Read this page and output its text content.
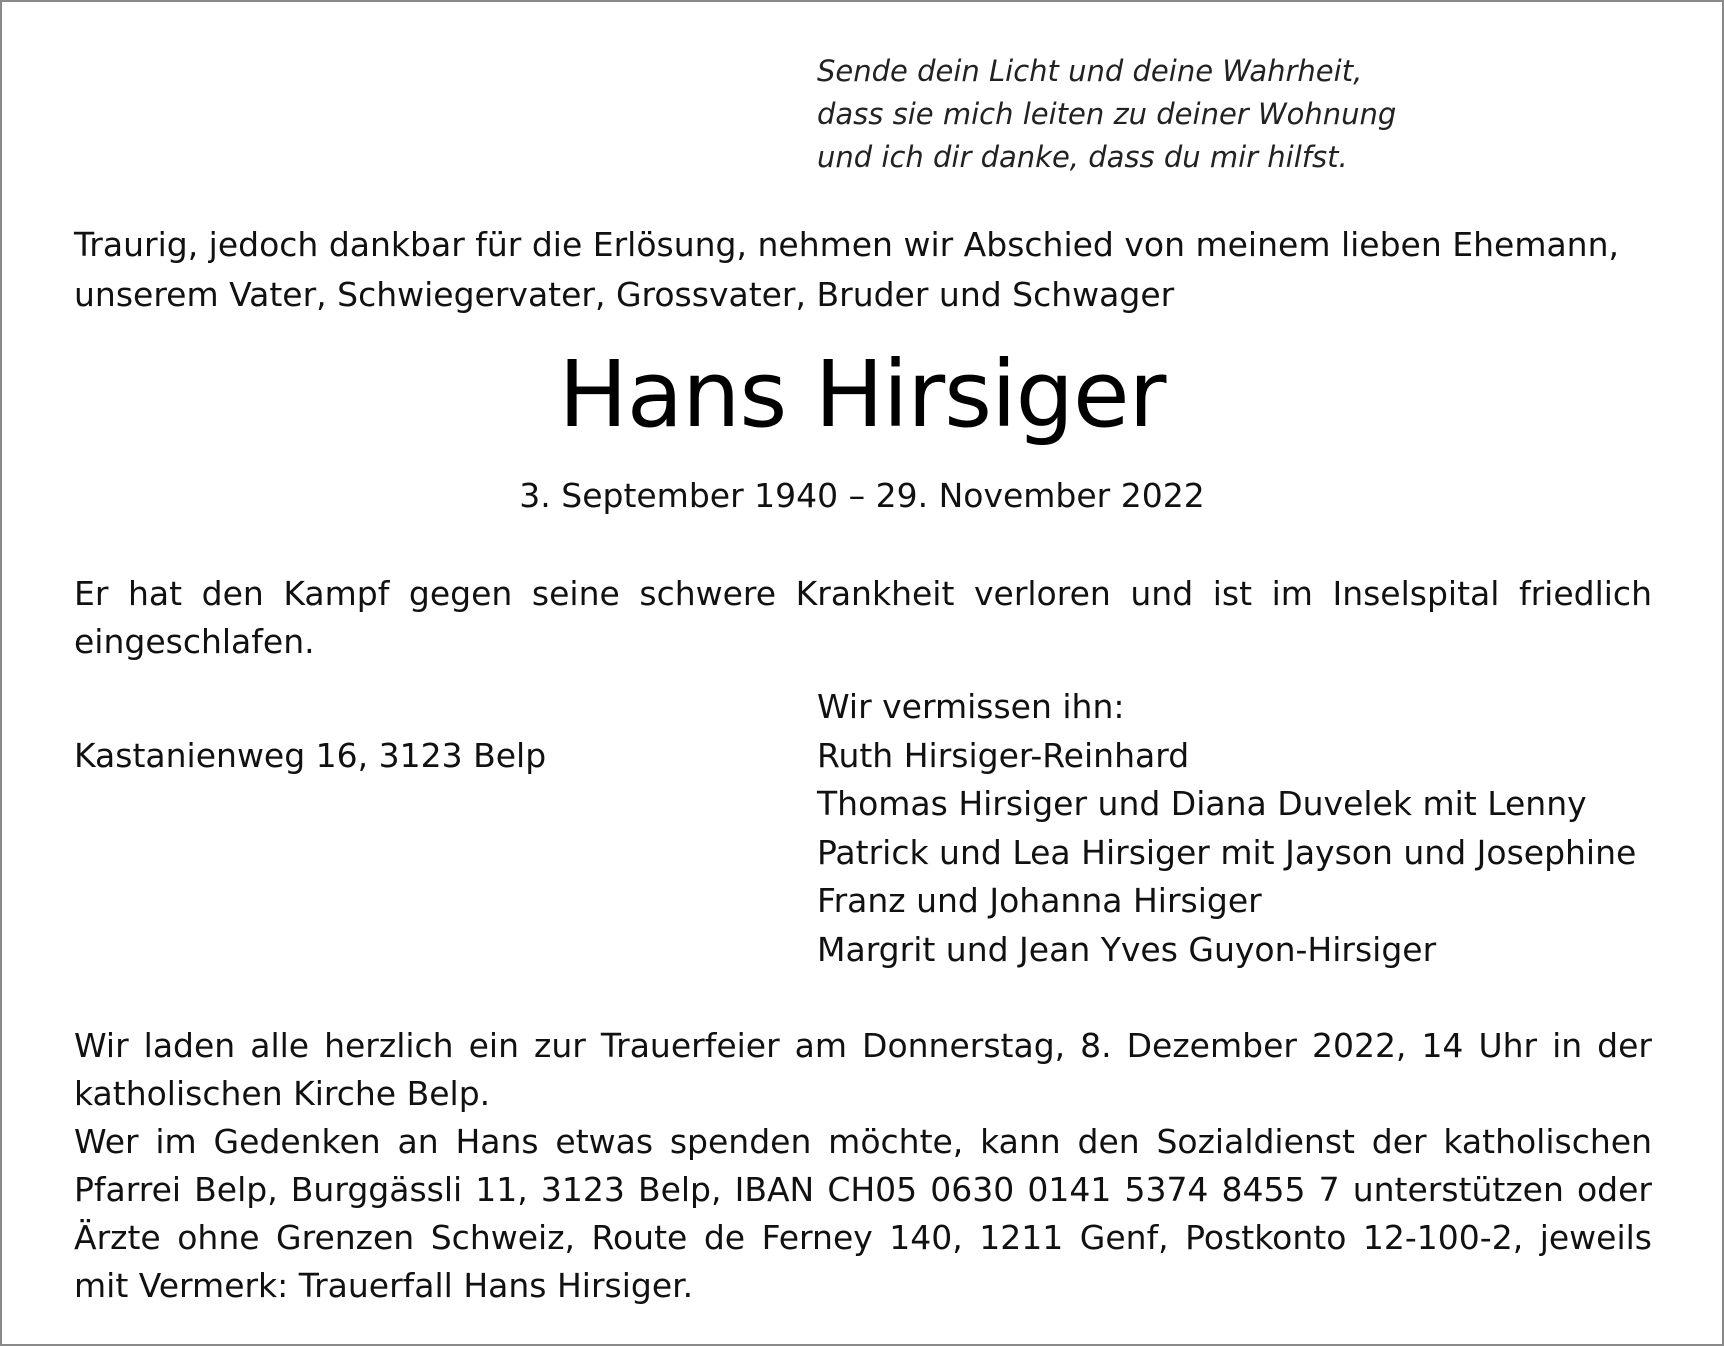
Sende dein Licht und deine Wahrheit,
dass sie mich leiten zu deiner Wohnung
und ich dir danke, dass du mir hilfst.
Traurig, jedoch dankbar für die Erlösung, nehmen wir Abschied von meinem lieben Ehemann,
unserem Vater, Schwiegervater, Grossvater, Bruder und Schwager
Hans Hirsiger
3. September 1940 – 29. November 2022
Er hat den Kampf gegen seine schwere Krankheit verloren und ist im Inselspital friedlich
eingeschlafen.
Kastanienweg 16, 3123 Belp
Wir vermissen ihn:
Ruth Hirsiger-Reinhard
Thomas Hirsiger und Diana Duvelek mit Lenny
Patrick und Lea Hirsiger mit Jayson und Josephine
Franz und Johanna Hirsiger
Margrit und Jean Yves Guyon-Hirsiger
Wir laden alle herzlich ein zur Trauerfeier am Donnerstag, 8. Dezember 2022, 14 Uhr in der
katholischen Kirche Belp.
Wer im Gedenken an Hans etwas spenden möchte, kann den Sozialdienst der katholischen
Pfarrei Belp, Burggässli 11, 3123 Belp, IBAN CH05 0630 0141 5374 8455 7 unterstützen oder
Ärzte ohne Grenzen Schweiz, Route de Ferney 140, 1211 Genf, Postkonto 12-100-2, jeweils
mit Vermerk: Trauerfall Hans Hirsiger.
